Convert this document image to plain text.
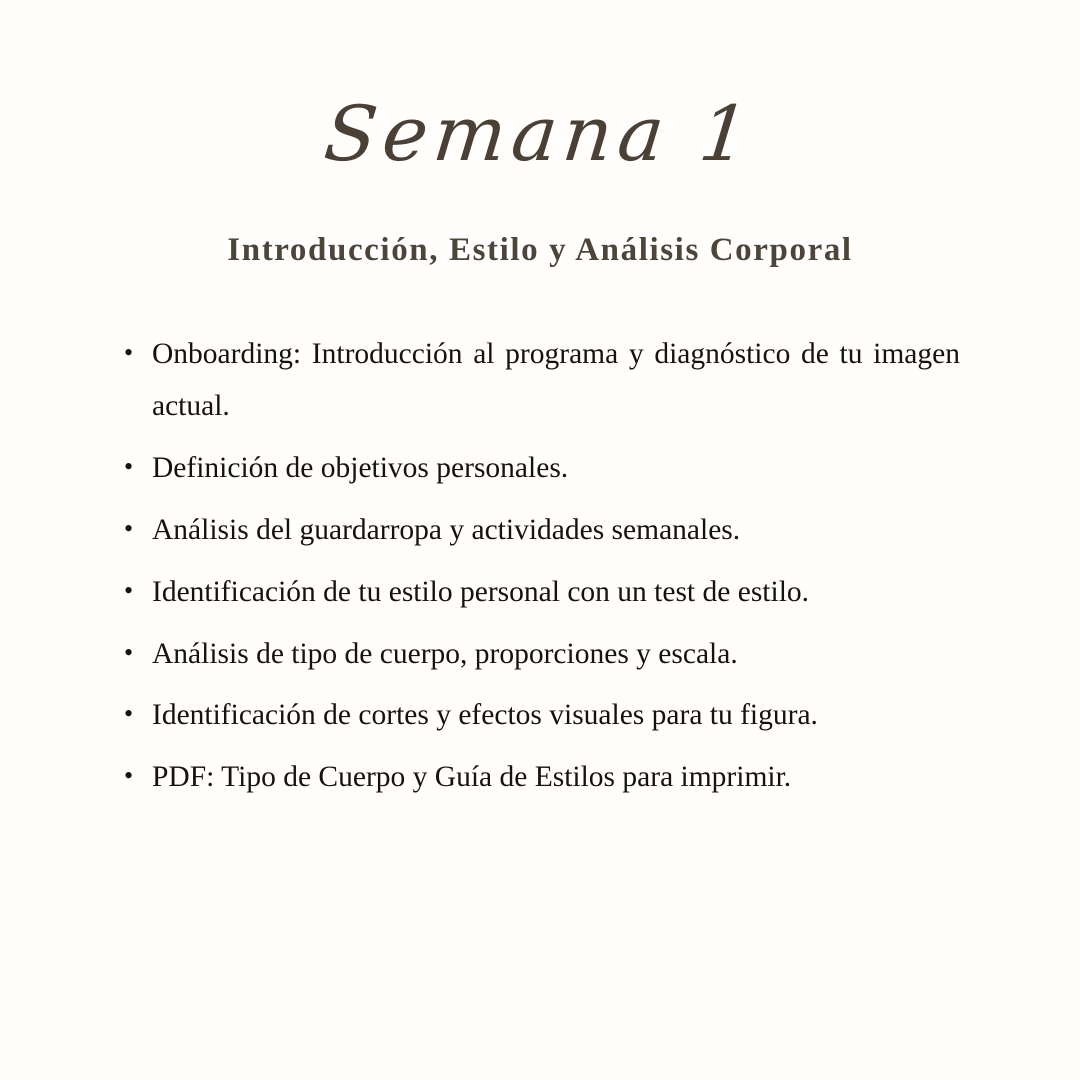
Semana 1
Introducción, Estilo y Análisis Corporal
• Onboarding: Introducción al programa y diagnóstico de tu imagen actual.
• Definición de objetivos personales.
• Análisis del guardarropa y actividades semanales.
• Identificación de tu estilo personal con un test de estilo.
• Análisis de tipo de cuerpo, proporciones y escala.
• Identificación de cortes y efectos visuales para tu figura.
• PDF: Tipo de Cuerpo y Guía de Estilos para imprimir.
